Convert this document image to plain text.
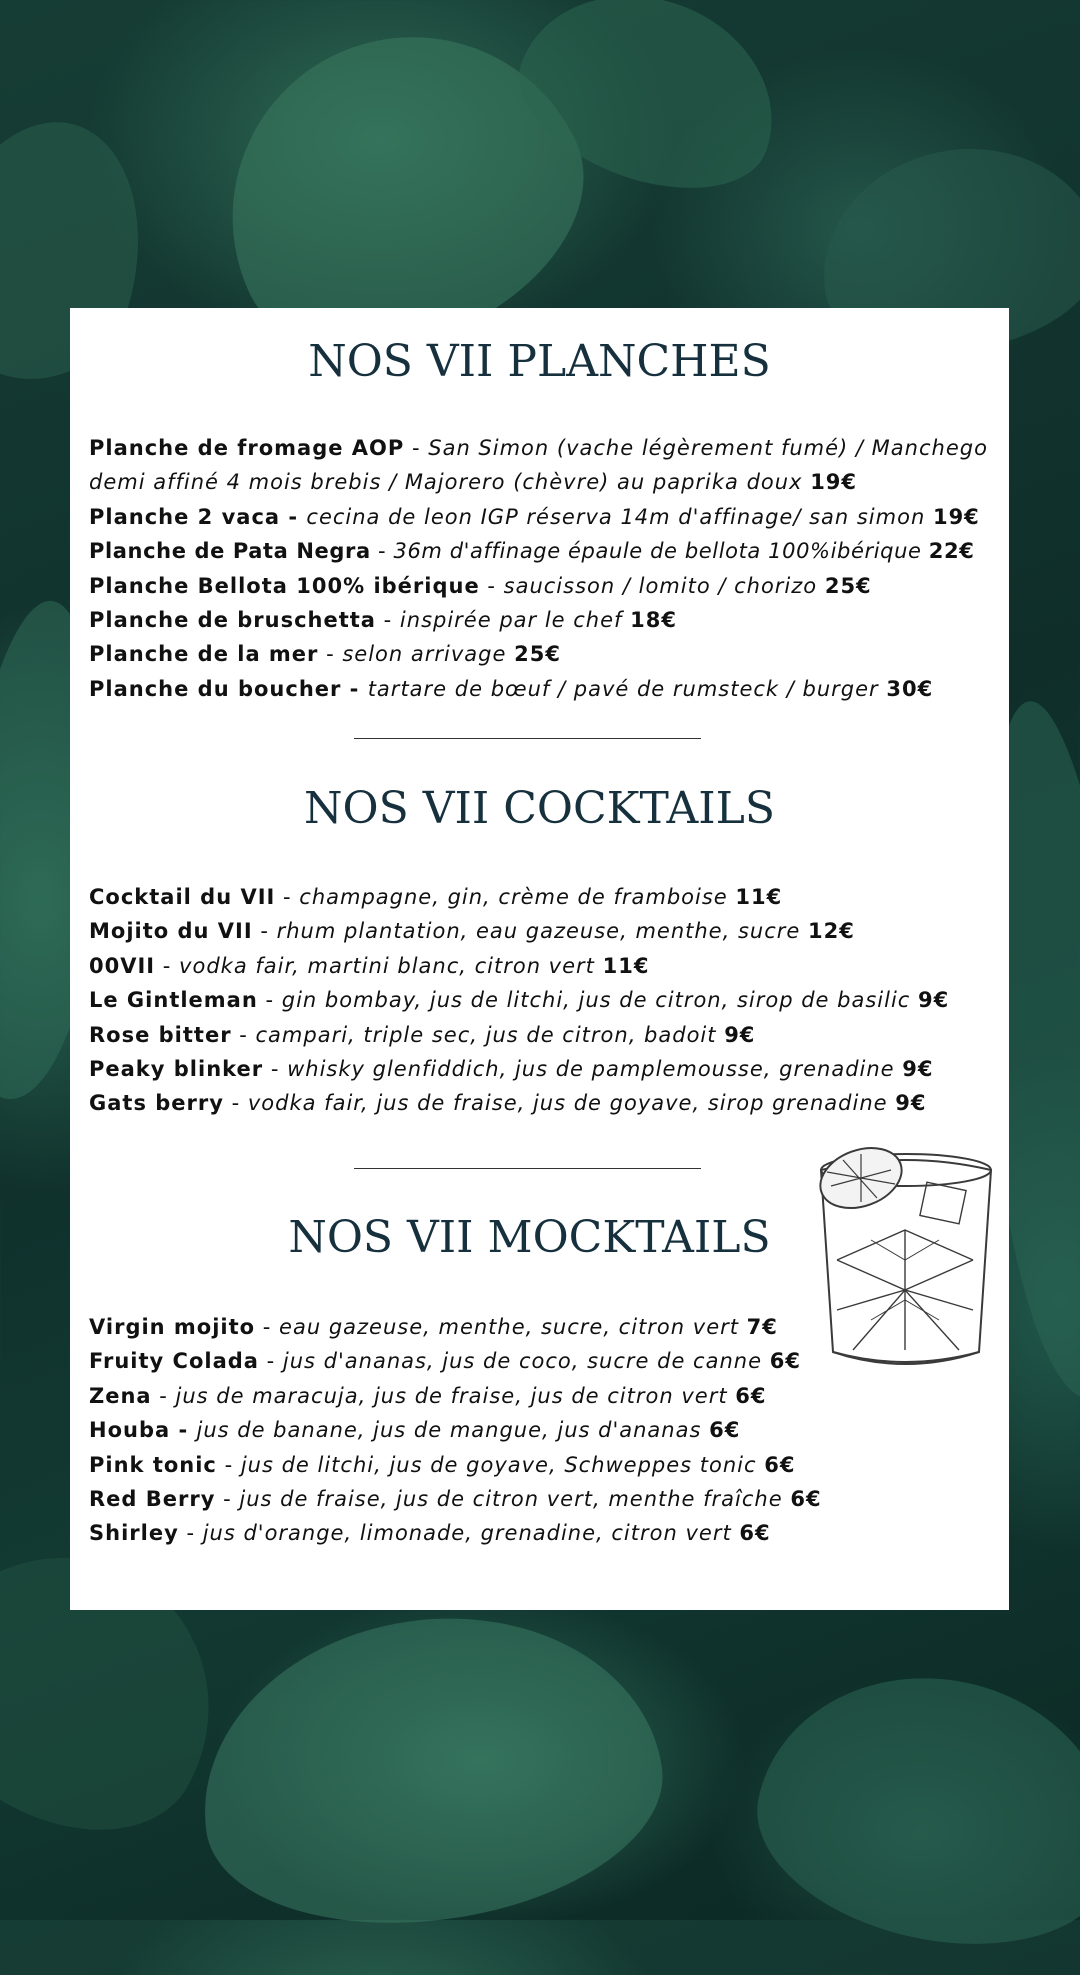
NOS VII PLANCHES
Planche de fromage AOP - San Simon (vache légèrement fumé) / Manchego demi affiné 4 mois brebis / Majorero (chèvre) au paprika doux 19€
Planche 2 vaca - cecina de leon IGP réserva 14m d'affinage/ san simon 19€
Planche de Pata Negra - 36m d'affinage épaule de bellota 100%ibérique 22€
Planche Bellota 100% ibérique - saucisson / lomito / chorizo 25€
Planche de bruschetta - inspirée par le chef 18€
Planche de la mer - selon arrivage 25€
Planche du boucher - tartare de bœuf / pavé de rumsteck / burger 30€
NOS VII COCKTAILS
Cocktail du VII - champagne, gin, crème de framboise 11€
Mojito du VII - rhum plantation, eau gazeuse, menthe, sucre 12€
00VII - vodka fair, martini blanc, citron vert 11€
Le Gintleman - gin bombay, jus de litchi, jus de citron, sirop de basilic 9€
Rose bitter - campari, triple sec, jus de citron, badoit 9€
Peaky blinker - whisky glenfiddich, jus de pamplemousse, grenadine 9€
Gats berry - vodka fair, jus de fraise, jus de goyave, sirop grenadine 9€
NOS VII MOCKTAILS
Virgin mojito - eau gazeuse, menthe, sucre, citron vert 7€
Fruity Colada - jus d'ananas, jus de coco, sucre de canne 6€
Zena - jus de maracuja, jus de fraise, jus de citron vert 6€
Houba - jus de banane, jus de mangue, jus d'ananas 6€
Pink tonic - jus de litchi, jus de goyave, Schweppes tonic 6€
Red Berry - jus de fraise, jus de citron vert, menthe fraîche 6€
Shirley - jus d'orange, limonade, grenadine, citron vert 6€
